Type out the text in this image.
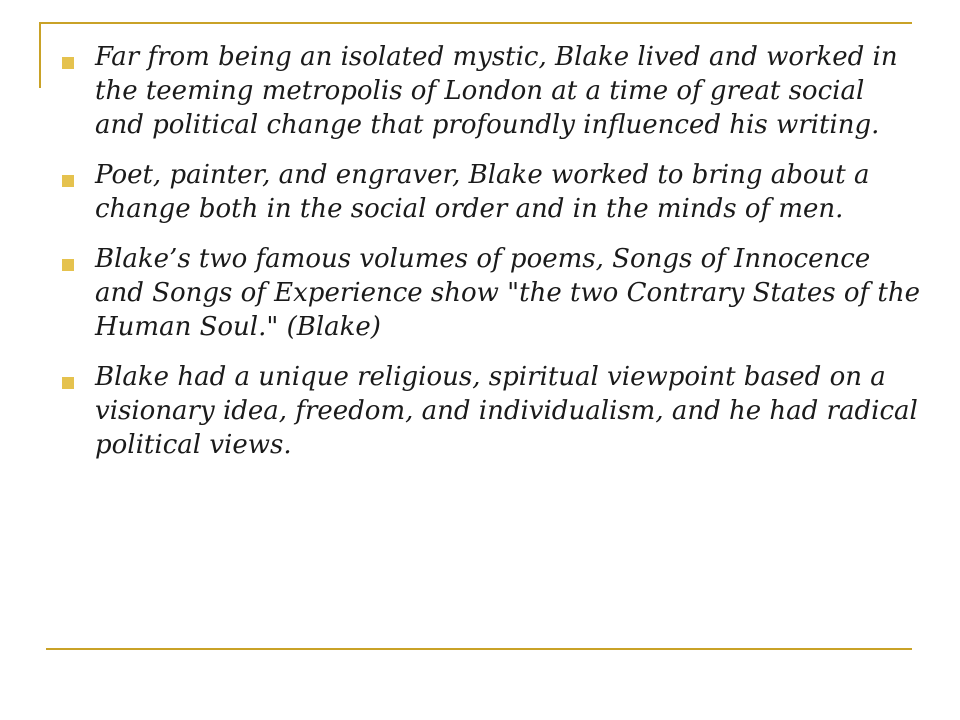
Far from being an isolated mystic, Blake lived and worked in the teeming metropolis of London at a time of great social and political change that profoundly influenced his writing.
Poet, painter, and engraver, Blake worked to bring about a change both in the social order and in the minds of men.
Blake’s two famous volumes of poems, Songs of Innocence and Songs of Experience show "the two Contrary States of the Human Soul." (Blake)
Blake had a unique religious, spiritual viewpoint based on a visionary idea, freedom, and individualism, and he had radical political views.
